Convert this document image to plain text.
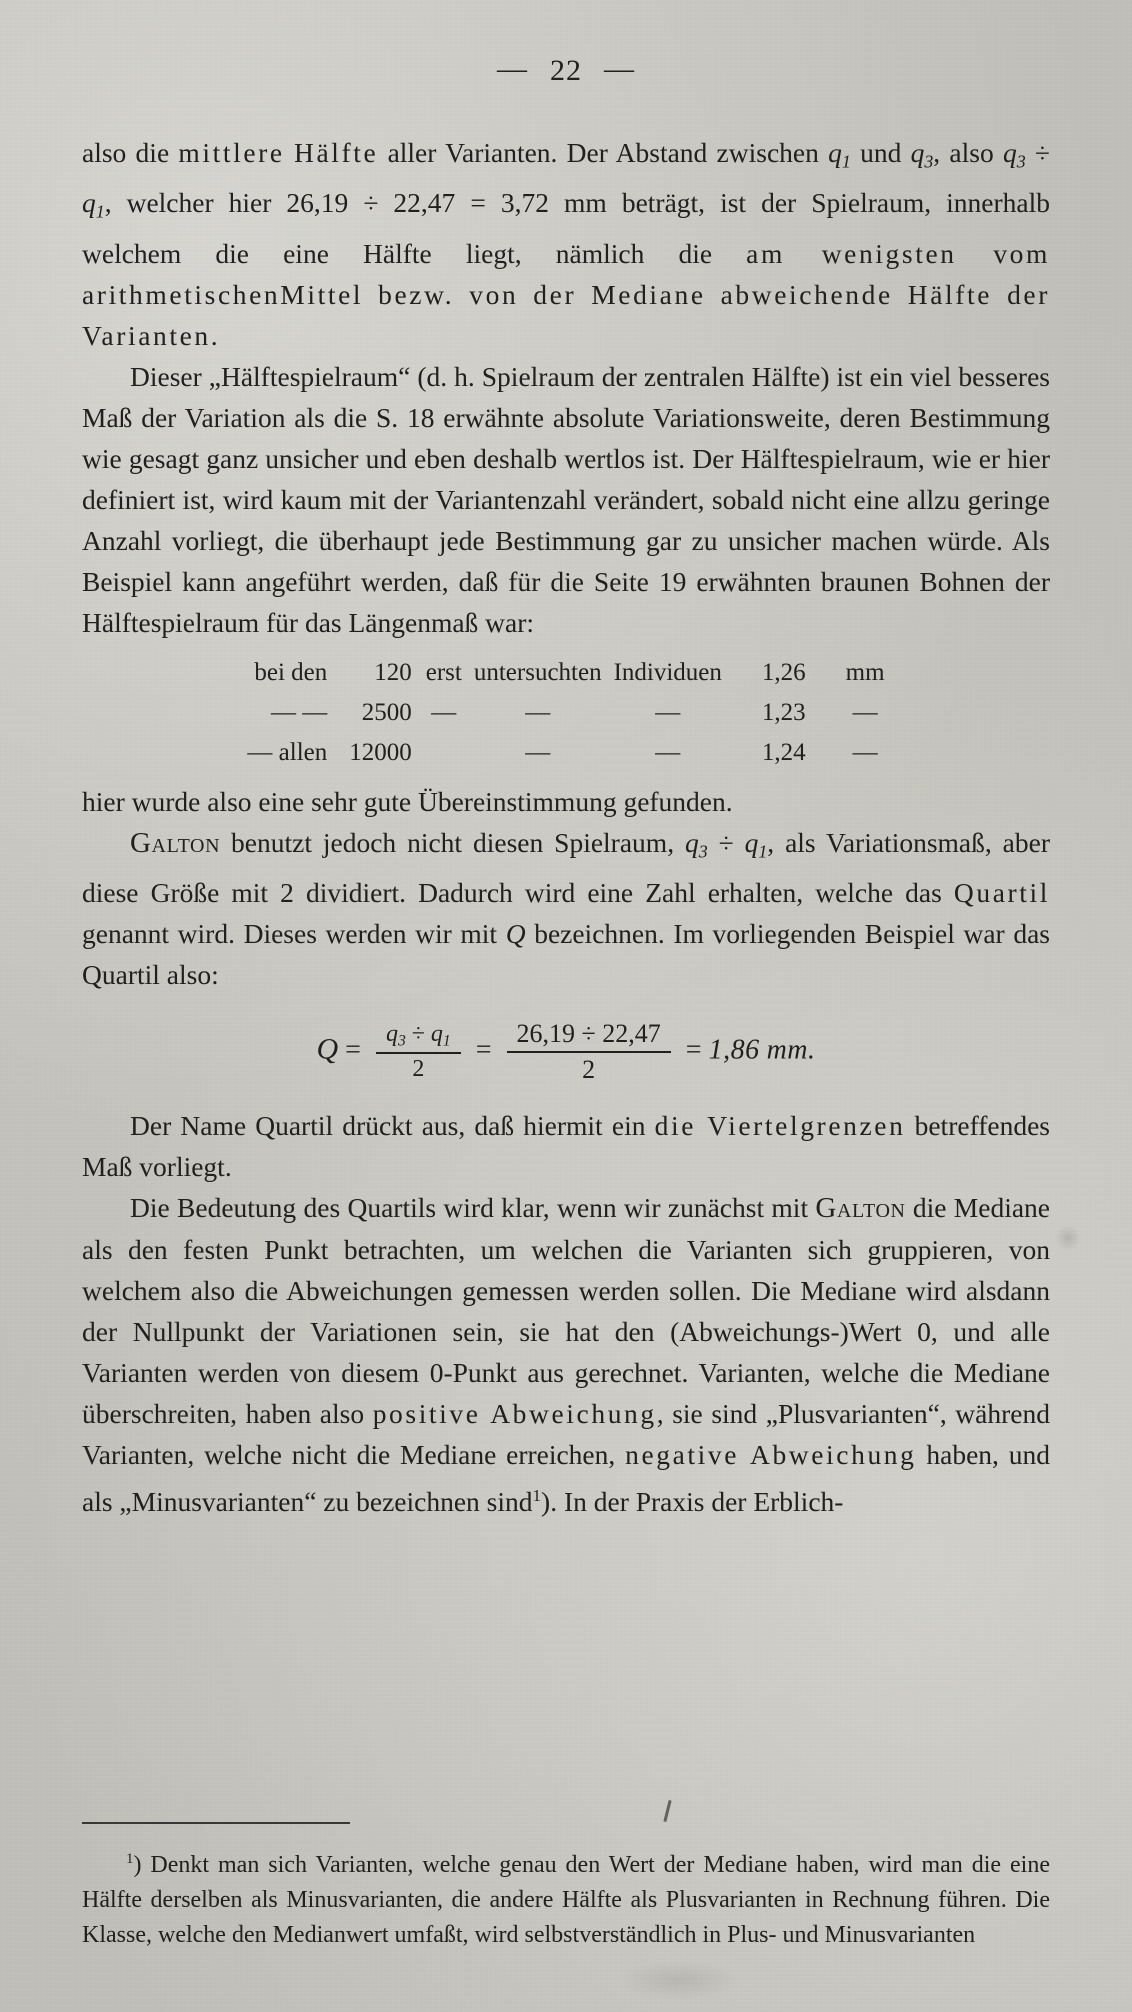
— 22 —

also die mittlere Hälfte aller Varianten. Der Abstand zwischen $q_1$ und $q_3$, also $q_3 \div q_1$, welcher hier 26,19 ÷ 22,47 = 3,72 mm beträgt, ist der Spielraum, innerhalb welchem die eine Hälfte liegt, nämlich die am wenigsten vom arithmetischenMittel bezw. von der Mediane abweichende Hälfte der Varianten.

Dieser „Hälftespielraum“ (d. h. Spielraum der zentralen Hälfte) ist ein viel besseres Maß der Variation als die S. 18 erwähnte absolute Variationsweite, deren Bestimmung wie gesagt ganz unsicher und eben deshalb wertlos ist. Der Hälftespielraum, wie er hier definiert ist, wird kaum mit der Variantenzahl verändert, sobald nicht eine allzu geringe Anzahl vorliegt, die überhaupt jede Bestimmung gar zu unsicher machen würde. Als Beispiel kann angeführt werden, daß für die Seite 19 erwähnten braunen Bohnen der Hälftespielraum für das Längenmaß war:

bei den	120	erst	untersuchten	Individuen	1,26	mm
— —	2500	—	—	—	1,23	—
— allen	12000		—	—	1,24	—

hier wurde also eine sehr gute Übereinstimmung gefunden.

Galton benutzt jedoch nicht diesen Spielraum, $q_3 \div q_1$, als Variationsmaß, aber diese Größe mit 2 dividiert. Dadurch wird eine Zahl erhalten, welche das Quartil genannt wird. Dieses werden wir mit Q bezeichnen. Im vorliegenden Beispiel war das Quartil also:

$Q = \frac{q_3 \div q_1}{2} = \frac{26,19 \div 22,47}{2} = 1,86$ mm.

Der Name Quartil drückt aus, daß hiermit ein die Viertelgrenzen betreffendes Maß vorliegt.

Die Bedeutung des Quartils wird klar, wenn wir zunächst mit Galton die Mediane als den festen Punkt betrachten, um welchen die Varianten sich gruppieren, von welchem also die Abweichungen gemessen werden sollen. Die Mediane wird alsdann der Nullpunkt der Variationen sein, sie hat den (Abweichungs-)Wert 0, und alle Varianten werden von diesem 0-Punkt aus gerechnet. Varianten, welche die Mediane überschreiten, haben also positive Abweichung, sie sind „Plusvarianten“, während Varianten, welche nicht die Mediane erreichen, negative Abweichung haben, und als „Minusvarianten“ zu bezeichnen sind$^1$). In der Praxis der Erblich-

$^1$) Denkt man sich Varianten, welche genau den Wert der Mediane haben, wird man die eine Hälfte derselben als Minusvarianten, die andere Hälfte als Plusvarianten in Rechnung führen. Die Klasse, welche den Medianwert umfaßt, wird selbstverständlich in Plus- und Minusvarianten
